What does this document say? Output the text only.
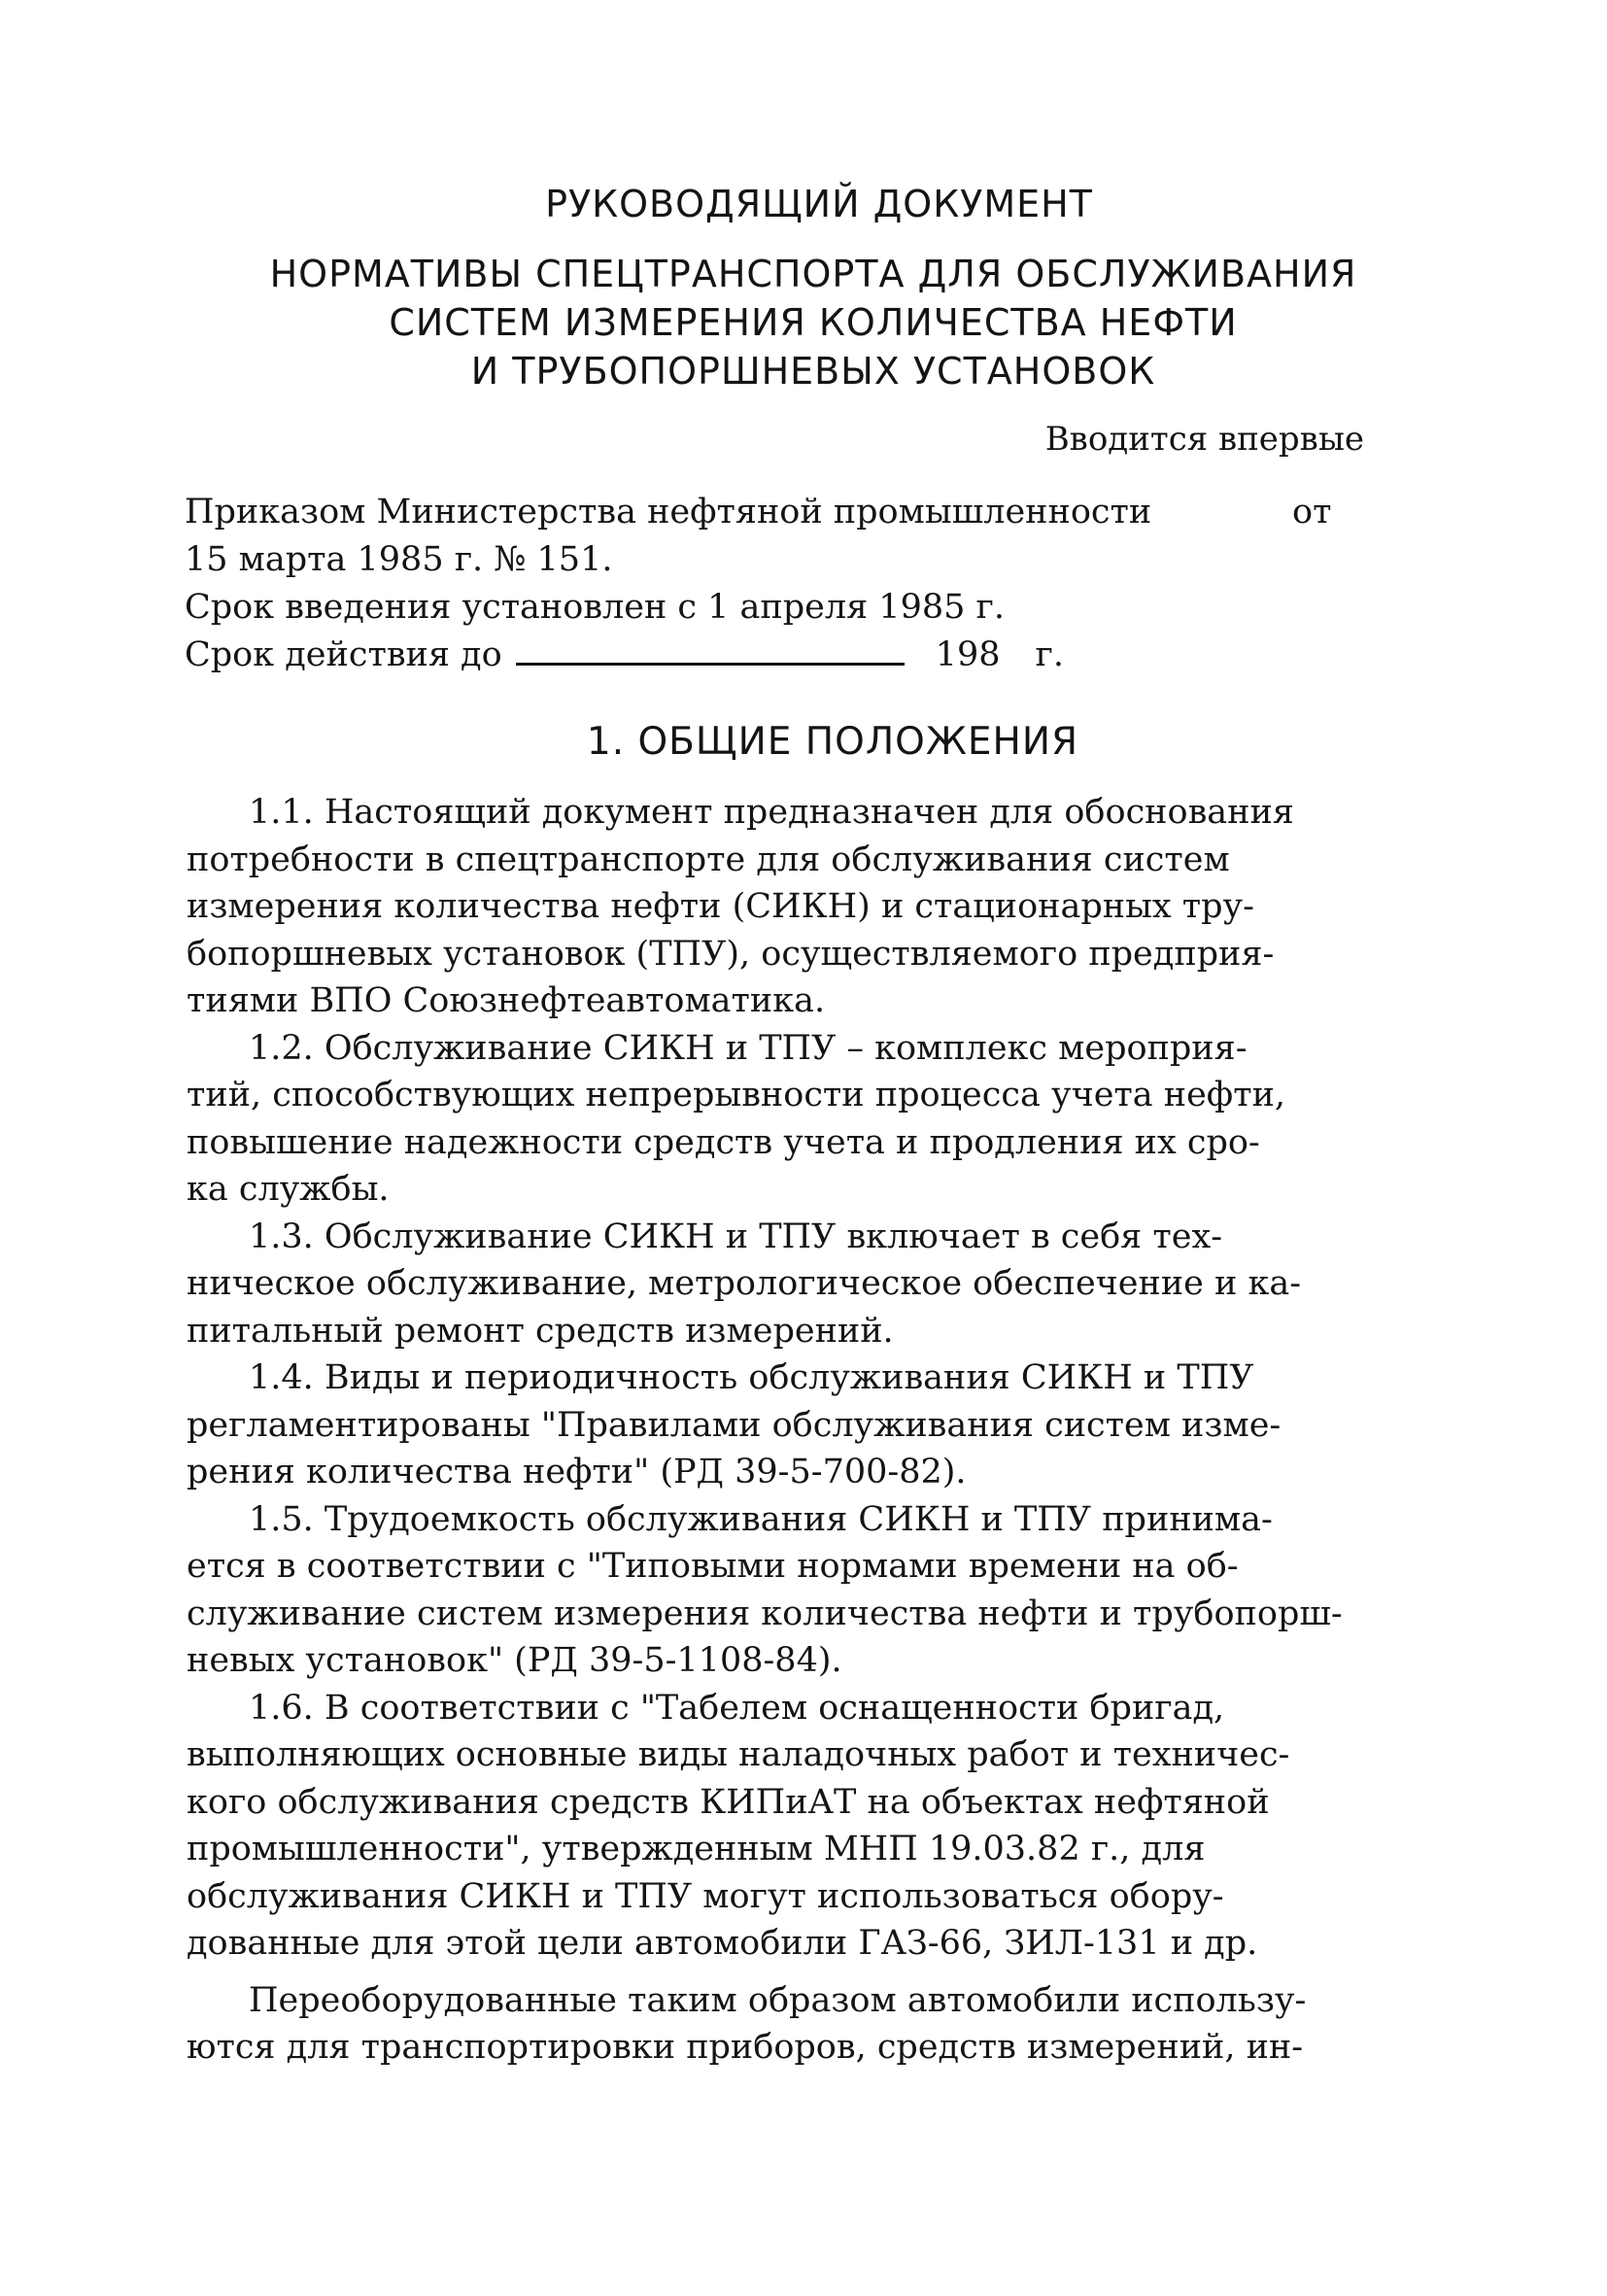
РУКОВОДЯЩИЙ ДОКУМЕНТ
НОРМАТИВЫ СПЕЦТРАНСПОРТА ДЛЯ ОБСЛУЖИВАНИЯ
СИСТЕМ ИЗМЕРЕНИЯ КОЛИЧЕСТВА НЕФТИ
И ТРУБОПОРШНЕВЫХ УСТАНОВОК
Вводится впервые
Приказом Министерства нефтяной промышленности	от
15 марта 1985 г. № 151.
Срок введения установлен с 1 апреля 1985 г.
Срок действия до	198 г.
1. ОБЩИЕ ПОЛОЖЕНИЯ
1.1. Настоящий документ предназначен для обоснования
потребности в спецтранспорте для обслуживания систем
измерения количества нефти (СИКН) и стационарных тру-
бопоршневых установок (ТПУ), осуществляемого предприя-
тиями ВПО Союзнефтеавтоматика.
1.2. Обслуживание СИКН и ТПУ – комплекс мероприя-
тий, способствующих непрерывности процесса учета нефти,
повышение надежности средств учета и продления их сро-
ка службы.
1.3. Обслуживание СИКН и ТПУ включает в себя тех-
ническое обслуживание, метрологическое обеспечение и ка-
питальный ремонт средств измерений.
1.4. Виды и периодичность обслуживания СИКН и ТПУ
регламентированы "Правилами обслуживания систем изме-
рения количества нефти" (РД 39-5-700-82).
1.5. Трудоемкость обслуживания СИКН и ТПУ принима-
ется в соответствии с "Типовыми нормами времени на об-
служивание систем измерения количества нефти и трубопорш-
невых установок" (РД 39-5-1108-84).
1.6. В соответствии с "Табелем оснащенности бригад,
выполняющих основные виды наладочных работ и техничес-
кого обслуживания средств КИПиАТ на объектах нефтяной
промышленности", утвержденным МНП 19.03.82 г., для
обслуживания СИКН и ТПУ могут использоваться обору-
дованные для этой цели автомобили ГАЗ-66, ЗИЛ-131 и др.
Переоборудованные таким образом автомобили использу-
ются для транспортировки приборов, средств измерений, ин-
